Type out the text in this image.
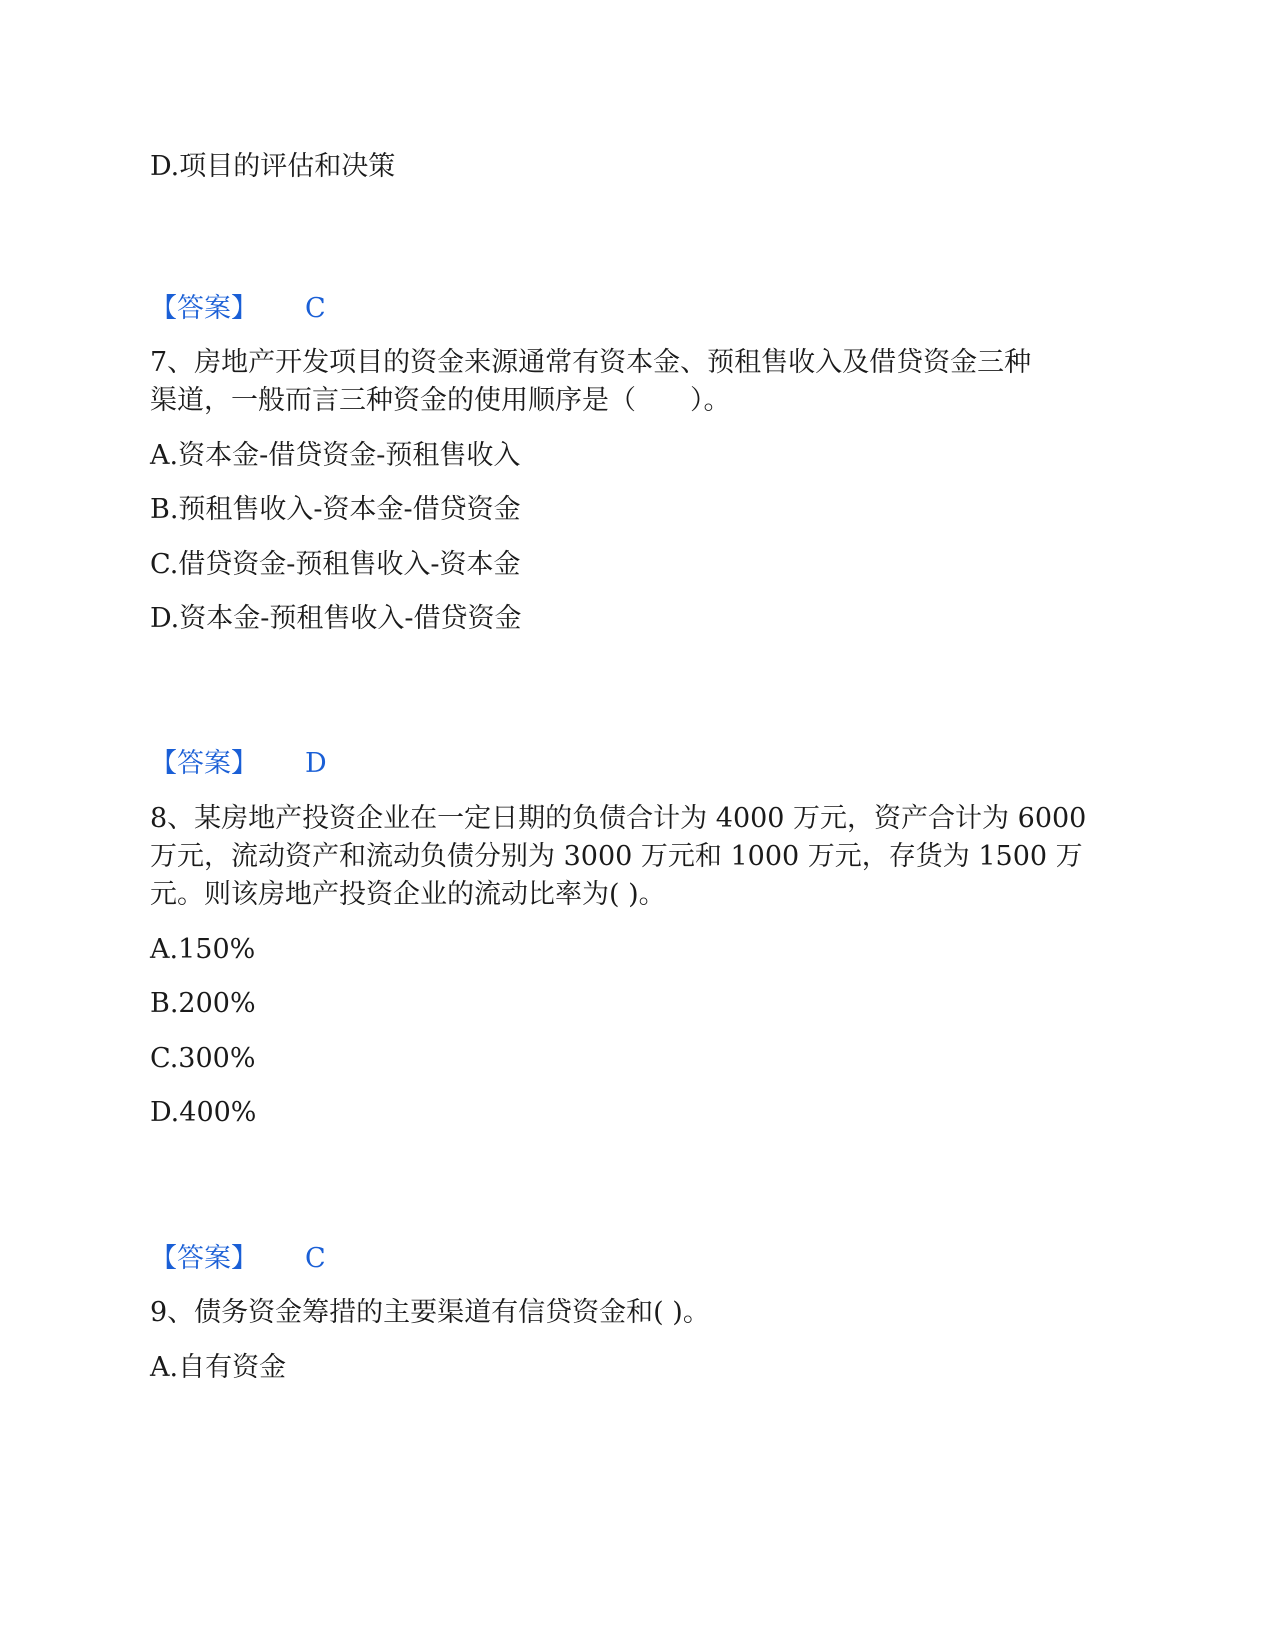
D.项目的评估和决策
【答案】 C
7、房地产开发项目的资金来源通常有资本金、预租售收入及借贷资金三种
渠道，一般而言三种资金的使用顺序是（　　）。
A.资本金-借贷资金-预租售收入
B.预租售收入-资本金-借贷资金
C.借贷资金-预租售收入-资本金
D.资本金-预租售收入-借贷资金
【答案】 D
8、某房地产投资企业在一定日期的负债合计为 4000 万元，资产合计为 6000
万元，流动资产和流动负债分别为 3000 万元和 1000 万元，存货为 1500 万
元。则该房地产投资企业的流动比率为( )。
A.150%
B.200%
C.300%
D.400%
【答案】 C
9、债务资金筹措的主要渠道有信贷资金和( )。
A.自有资金
